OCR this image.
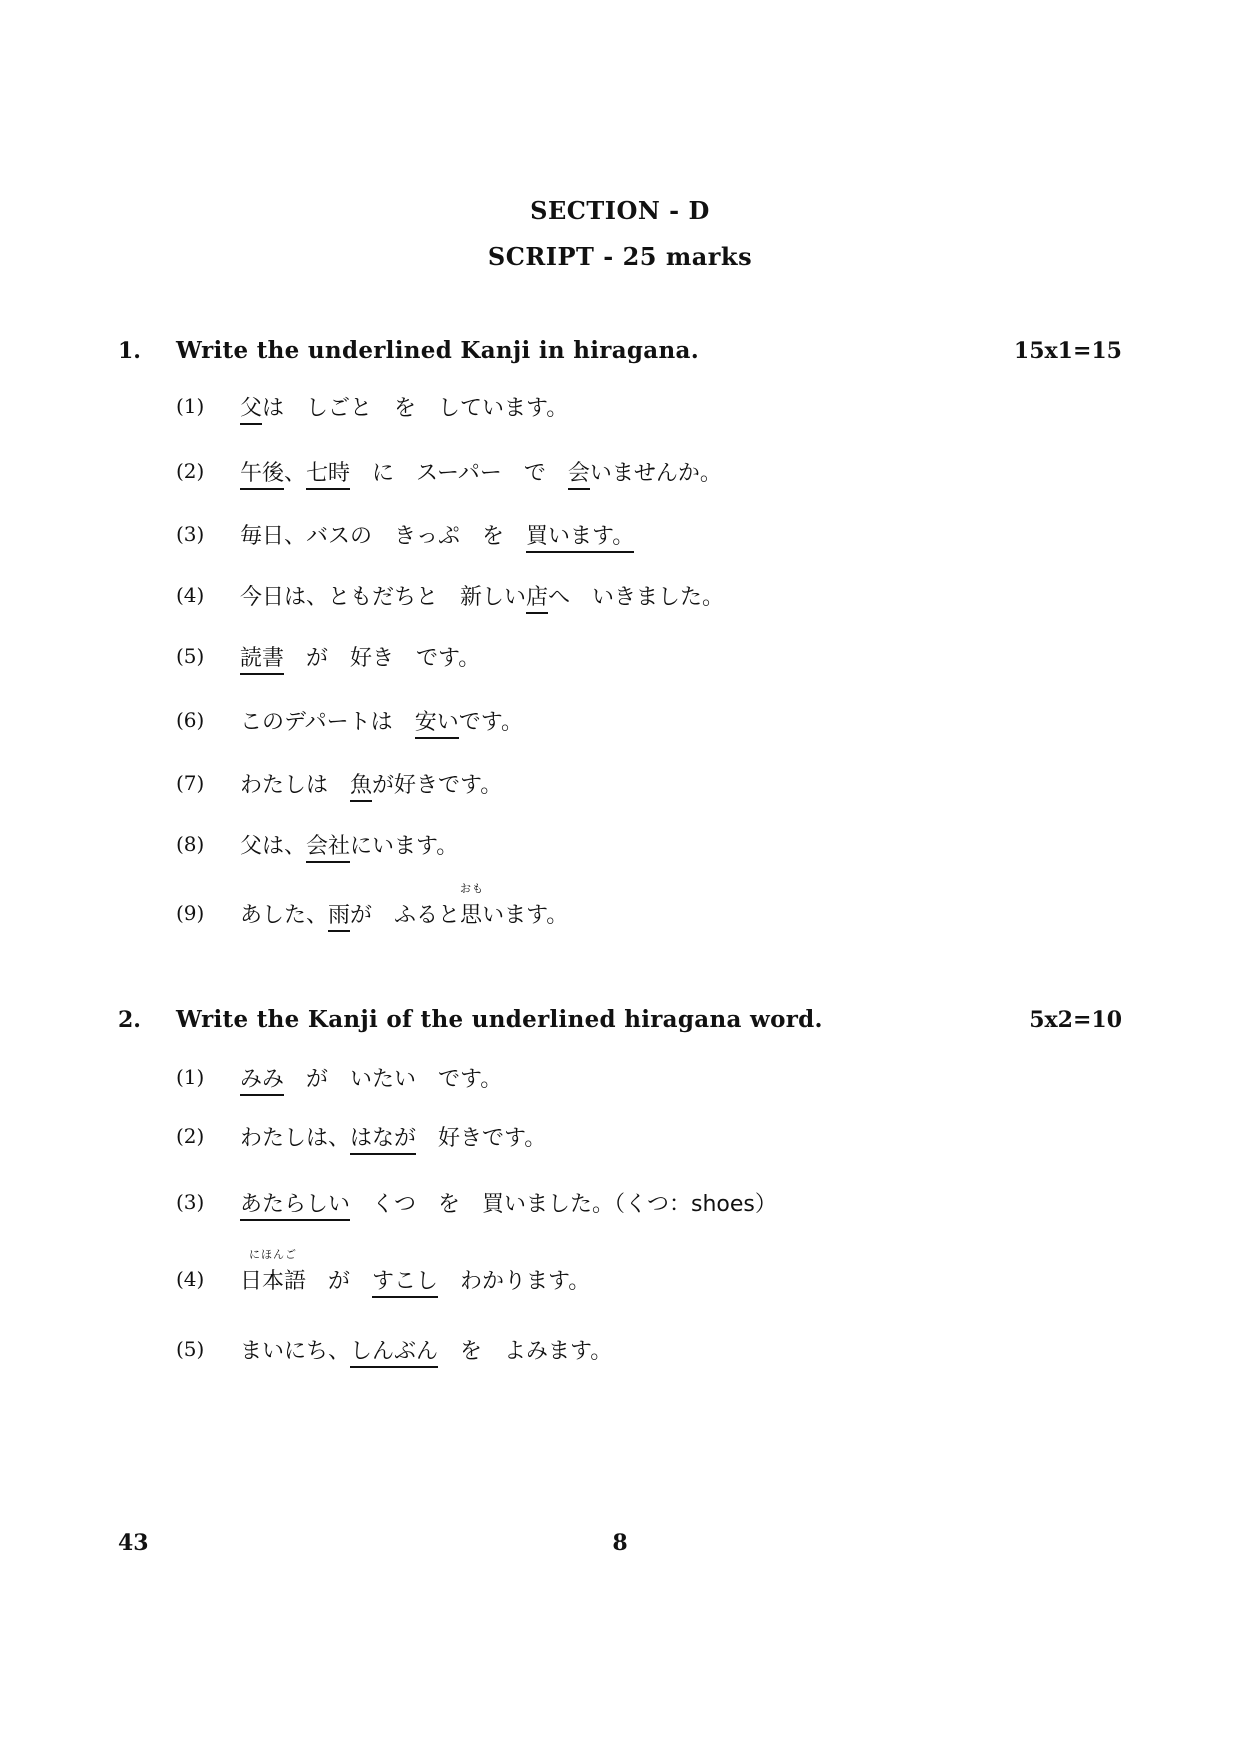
SECTION - D
SCRIPT - 25 marks
1. Write the underlined Kanji in hiragana.	15x1=15
(1)	父は　しごと　を　しています。
(2)	午後、七時　に　スーパー　で　会いませんか。
(3)	毎日、バスの　きっぷ　を　買います。
(4)	今日は、ともだちと　新しい店へ　いきました。
(5)	読書　が　好き　です。
(6)	このデパートは　安いです。
(7)	わたしは　魚が好きです。
(8)	父は、会社にいます。
(9)	あした、雨が　ふると思
おも
います。
2. Write the Kanji of the underlined hiragana word.	5x2=10
(1)	みみ　が　いたい　です。
(2)	わたしは、はなが　好きです。
(3)	あたらしい　くつ　を　買いました。（くつ：shoes）
(4)	日本語
にほんご
　が　すこし　わかります。
(5)	まいにち、しんぶん　を　よみます。
43	8
